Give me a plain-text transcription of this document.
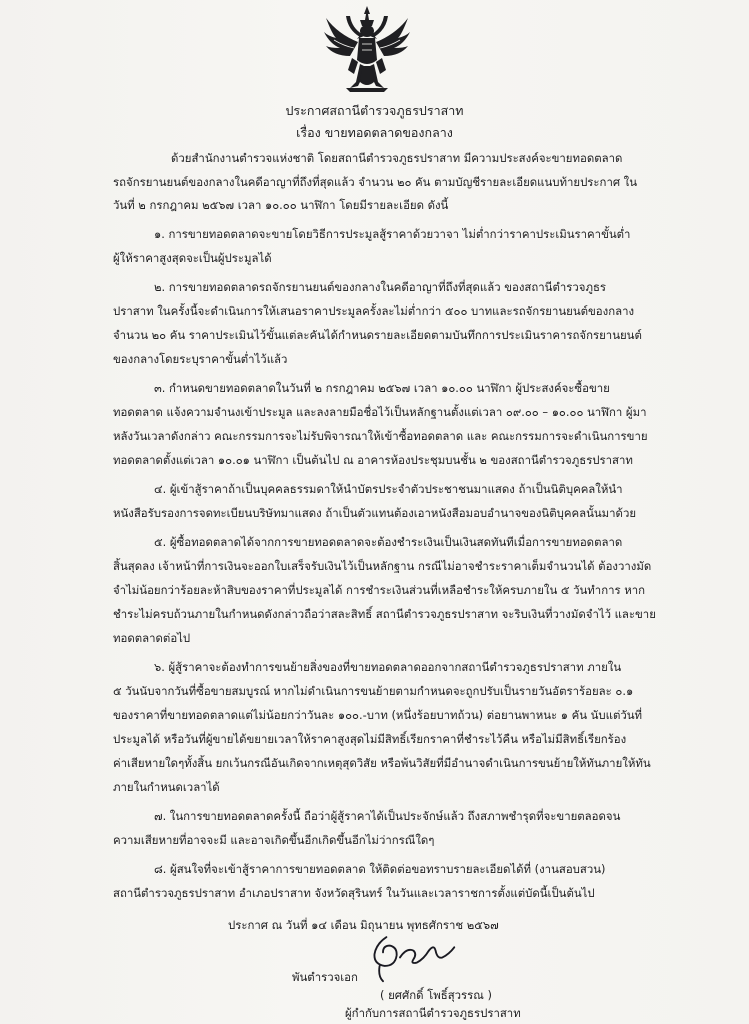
ประกาศสถานีตำรวจภูธรปราสาท
เรื่อง ขายทอดตลาดของกลาง
ด้วยสำนักงานตำรวจแห่งชาติ โดยสถานีตำรวจภูธรปราสาท มีความประสงค์จะขายทอดตลาด
รถจักรยานยนต์ของกลางในคดีอาญาที่ถึงที่สุดแล้ว จำนวน ๒๐ คัน ตามบัญชีรายละเอียดแนบท้ายประกาศ ใน
วันที่ ๒ กรกฎาคม ๒๕๖๗ เวลา ๑๐.๐๐ นาฬิกา โดยมีรายละเอียด ดังนี้
๑. การขายทอดตลาดจะขายโดยวิธีการประมูลสู้ราคาด้วยวาจา ไม่ต่ำกว่าราคาประเมินราคาขั้นต่ำ
ผู้ให้ราคาสูงสุดจะเป็นผู้ประมูลได้
๒. การขายทอดตลาดรถจักรยานยนต์ของกลางในคดีอาญาที่ถึงที่สุดแล้ว ของสถานีตำรวจภูธร
ปราสาท ในครั้งนี้จะดำเนินการให้เสนอราคาประมูลครั้งละไม่ต่ำกว่า ๕๐๐ บาทและรถจักรยานยนต์ของกลาง
จำนวน ๒๐ คัน ราคาประเมินไว้ขั้นแต่ละคันได้กำหนดรายละเอียดตามบันทึกการประเมินราคารถจักรยานยนต์
ของกลางโดยระบุราคาขั้นต่ำไว้แล้ว
๓. กำหนดขายทอดตลาดในวันที่ ๒ กรกฎาคม ๒๕๖๗ เวลา ๑๐.๐๐ นาฬิกา ผู้ประสงค์จะซื้อขาย
ทอดตลาด แจ้งความจำนงเข้าประมูล และลงลายมือชื่อไว้เป็นหลักฐานตั้งแต่เวลา ๐๙.๐๐ – ๑๐.๐๐ นาฬิกา ผู้มา
หลังวันเวลาดังกล่าว คณะกรรมการจะไม่รับพิจารณาให้เข้าซื้อทอดตลาด และ คณะกรรมการจะดำเนินการขาย
ทอดตลาดตั้งแต่เวลา ๑๐.๐๑ นาฬิกา เป็นต้นไป ณ อาคารห้องประชุมบนชั้น ๒ ของสถานีตำรวจภูธรปราสาท
๔. ผู้เข้าสู้ราคาถ้าเป็นบุคคลธรรมดาให้นำบัตรประจำตัวประชาชนมาแสดง ถ้าเป็นนิติบุคคลให้นำ
หนังสือรับรองการจดทะเบียนบริษัทมาแสดง ถ้าเป็นตัวแทนต้องเอาหนังสือมอบอำนาจของนิติบุคคลนั้นมาด้วย
๕. ผู้ซื้อทอดตลาดได้จากการขายทอดตลาดจะต้องชำระเงินเป็นเงินสดทันทีเมื่อการขายทอดตลาด
สิ้นสุดลง เจ้าหน้าที่การเงินจะออกใบเสร็จรับเงินไว้เป็นหลักฐาน กรณีไม่อาจชำระราคาเต็มจำนวนได้ ต้องวางมัด
จำไม่น้อยกว่าร้อยละห้าสิบของราคาที่ประมูลได้ การชำระเงินส่วนที่เหลือชำระให้ครบภายใน ๕ วันทำการ หาก
ชำระไม่ครบถ้วนภายในกำหนดดังกล่าวถือว่าสละสิทธิ์ สถานีตำรวจภูธรปราสาท จะริบเงินที่วางมัดจำไว้ และขาย
ทอดตลาดต่อไป
๖. ผู้สู้ราคาจะต้องทำการขนย้ายสิ่งของที่ขายทอดตลาดออกจากสถานีตำรวจภูธรปราสาท ภายใน
๕ วันนับจากวันที่ซื้อขายสมบูรณ์ หากไม่ดำเนินการขนย้ายตามกำหนดจะถูกปรับเป็นรายวันอัตราร้อยละ ๐.๑
ของราคาที่ขายทอดตลาดแต่ไม่น้อยกว่าวันละ ๑๐๐.-บาท (หนึ่งร้อยบาทถ้วน) ต่อยานพาหนะ ๑ คัน นับแต่วันที่
ประมูลได้ หรือวันที่ผู้ขายได้ขยายเวลาให้ราคาสูงสุดไม่มีสิทธิ์เรียกราคาที่ชำระไว้คืน หรือไม่มีสิทธิ์เรียกร้อง
ค่าเสียหายใดๆทั้งสิ้น ยกเว้นกรณีอันเกิดจากเหตุสุดวิสัย หรือพ้นวิสัยที่มีอำนาจดำเนินการขนย้ายให้ทันภายให้ทัน
ภายในกำหนดเวลาได้
๗. ในการขายทอดตลาดครั้งนี้ ถือว่าผู้สู้ราคาได้เป็นประจักษ์แล้ว ถึงสภาพชำรุดที่จะขายตลอดจน
ความเสียหายที่อาจจะมี และอาจเกิดขึ้นอีกเกิดขึ้นอีกไม่ว่ากรณีใดๆ
๘. ผู้สนใจที่จะเข้าสู้ราคาการขายทอดตลาด ให้ติดต่อขอทราบรายละเอียดได้ที่ (งานสอบสวน)
สถานีตำรวจภูธรปราสาท อำเภอปราสาท จังหวัดสุรินทร์ ในวันและเวลาราชการตั้งแต่บัดนี้เป็นต้นไป
ประกาศ ณ วันที่ ๑๔ เดือน มิถุนายน พุทธศักราช ๒๕๖๗
พันตำรวจเอก
( ยศศักดิ์ โพธิ์สุวรรณ )
ผู้กำกับการสถานีตำรวจภูธรปราสาท
